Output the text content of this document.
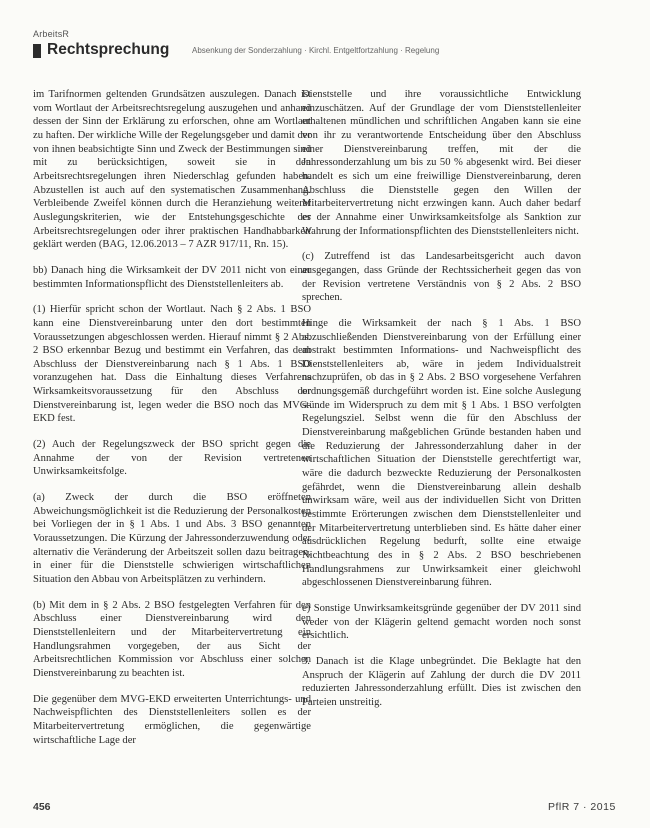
ArbeitsR
Rechtsprechung	Absenkung der Sonderzahlung · Kirchl. Entgeltfortzahlung · Regelung

im Tarifnormen geltenden Grundsätzen auszulegen. Danach ist vom Wortlaut der Arbeitsrechtsregelung auszugehen und anhand dessen der Sinn der Erklärung zu erforschen, ohne am Wortlaut zu haften. Der wirkliche Wille der Regelungsgeber und damit der von ihnen beabsichtigte Sinn und Zweck der Bestimmungen sind mit zu berücksichtigen, soweit sie in den Arbeitsrechtsregelungen ihren Niederschlag gefunden haben. Abzustellen ist auch auf den systematischen Zusammenhang. Verbleibende Zweifel können durch die Heranziehung weiterer Auslegungskriterien, wie der Entstehungsgeschichte der Arbeitsrechtsregelungen oder ihrer praktischen Handhabbarkeit geklärt werden (BAG, 12.06.2013 – 7 AZR 917/11, Rn. 15).

bb) Danach hing die Wirksamkeit der DV 2011 nicht von einer bestimmten Informationspflicht des Dienststellenleiters ab.

(1) Hierfür spricht schon der Wortlaut. Nach § 2 Abs. 1 BSO kann eine Dienstvereinbarung unter den dort bestimmten Voraussetzungen abgeschlossen werden. Hierauf nimmt § 2 Abs. 2 BSO erkennbar Bezug und bestimmt ein Verfahren, das dem Abschluss der Dienstvereinbarung nach § 1 Abs. 1 BSO voranzugehen hat. Dass die Einhaltung dieses Verfahrens Wirksamkeitsvoraussetzung für den Abschluss der Dienstvereinbarung ist, legen weder die BSO noch das MVG-EKD fest.

(2) Auch der Regelungszweck der BSO spricht gegen die Annahme der von der Revision vertretenen Unwirksamkeitsfolge.

(a) Zweck der durch die BSO eröffneten Abweichungsmöglichkeit ist die Reduzierung der Personalkosten bei Vorliegen der in § 1 Abs. 1 und Abs. 3 BSO genannten Voraussetzungen. Die Kürzung der Jahressonderzuwendung oder alternativ die Veränderung der Arbeitszeit sollen dazu beitragen, in einer für die Dienststelle schwierigen wirtschaftlichen Situation den Abbau von Arbeitsplätzen zu verhindern.

(b) Mit dem in § 2 Abs. 2 BSO festgelegten Verfahren für den Abschluss einer Dienstvereinbarung wird den Dienststellenleitern und der Mitarbeitervertretung ein Handlungsrahmen vorgegeben, der aus Sicht der Arbeitsrechtlichen Kommission vor Abschluss einer solchen Dienstvereinbarung zu beachten ist.

Die gegenüber dem MVG-EKD erweiterten Unterrichtungs- und Nachweispflichten des Dienststellenleiters sollen es der Mitarbeitervertretung ermöglichen, die gegenwärtige wirtschaftliche Lage der

Dienststelle und ihre voraussichtliche Entwicklung einzuschätzen. Auf der Grundlage der vom Dienststellenleiter erhaltenen mündlichen und schriftlichen Angaben kann sie eine von ihr zu verantwortende Entscheidung über den Abschluss einer Dienstvereinbarung treffen, mit der die Jahressonderzahlung um bis zu 50 % abgesenkt wird. Bei dieser handelt es sich um eine freiwillige Dienstvereinbarung, deren Abschluss die Dienststelle gegen den Willen der Mitarbeitervertretung nicht erzwingen kann. Auch daher bedarf es der Annahme einer Unwirksamkeitsfolge als Sanktion zur Wahrung der Informationspflichten des Dienststellenleiters nicht.

(c) Zutreffend ist das Landesarbeitsgericht auch davon ausgegangen, dass Gründe der Rechtssicherheit gegen das von der Revision vertretene Verständnis von § 2 Abs. 2 BSO sprechen.

Hinge die Wirksamkeit der nach § 1 Abs. 1 BSO abzuschließenden Dienstvereinbarung von der Erfüllung einer abstrakt bestimmten Informations- und Nachweispflicht des Dienststellenleiters ab, wäre in jedem Individualstreit nachzuprüfen, ob das in § 2 Abs. 2 BSO vorgesehene Verfahren ordnungsgemäß durchgeführt worden ist. Eine solche Auslegung stünde im Widerspruch zu dem mit § 1 Abs. 1 BSO verfolgten Regelungsziel. Selbst wenn die für den Abschluss der Dienstvereinbarung maßgeblichen Gründe bestanden haben und die Reduzierung der Jahressonderzahlung daher in der wirtschaftlichen Situation der Dienststelle gerechtfertigt war, wäre die dadurch bezweckte Reduzierung der Personalkosten gefährdet, wenn die Dienstvereinbarung allein deshalb unwirksam wäre, weil aus der individuellen Sicht von Dritten bestimmte Erörterungen zwischen dem Dienststellenleiter und der Mitarbeitervertretung unterblieben sind. Es hätte daher einer ausdrücklichen Regelung bedurft, sollte eine etwaige Nichtbeachtung des in § 2 Abs. 2 BSO beschriebenen Handlungsrahmens zur Unwirksamkeit einer gleichwohl abgeschlossenen Dienstvereinbarung führen.

e) Sonstige Unwirksamkeitsgründe gegenüber der DV 2011 sind weder von der Klägerin geltend gemacht worden noch sonst ersichtlich.

3. Danach ist die Klage unbegründet. Die Beklagte hat den Anspruch der Klägerin auf Zahlung der durch die DV 2011 reduzierten Jahressonderzahlung erfüllt. Dies ist zwischen den Parteien unstreitig.

456	PflR 7 · 2015
